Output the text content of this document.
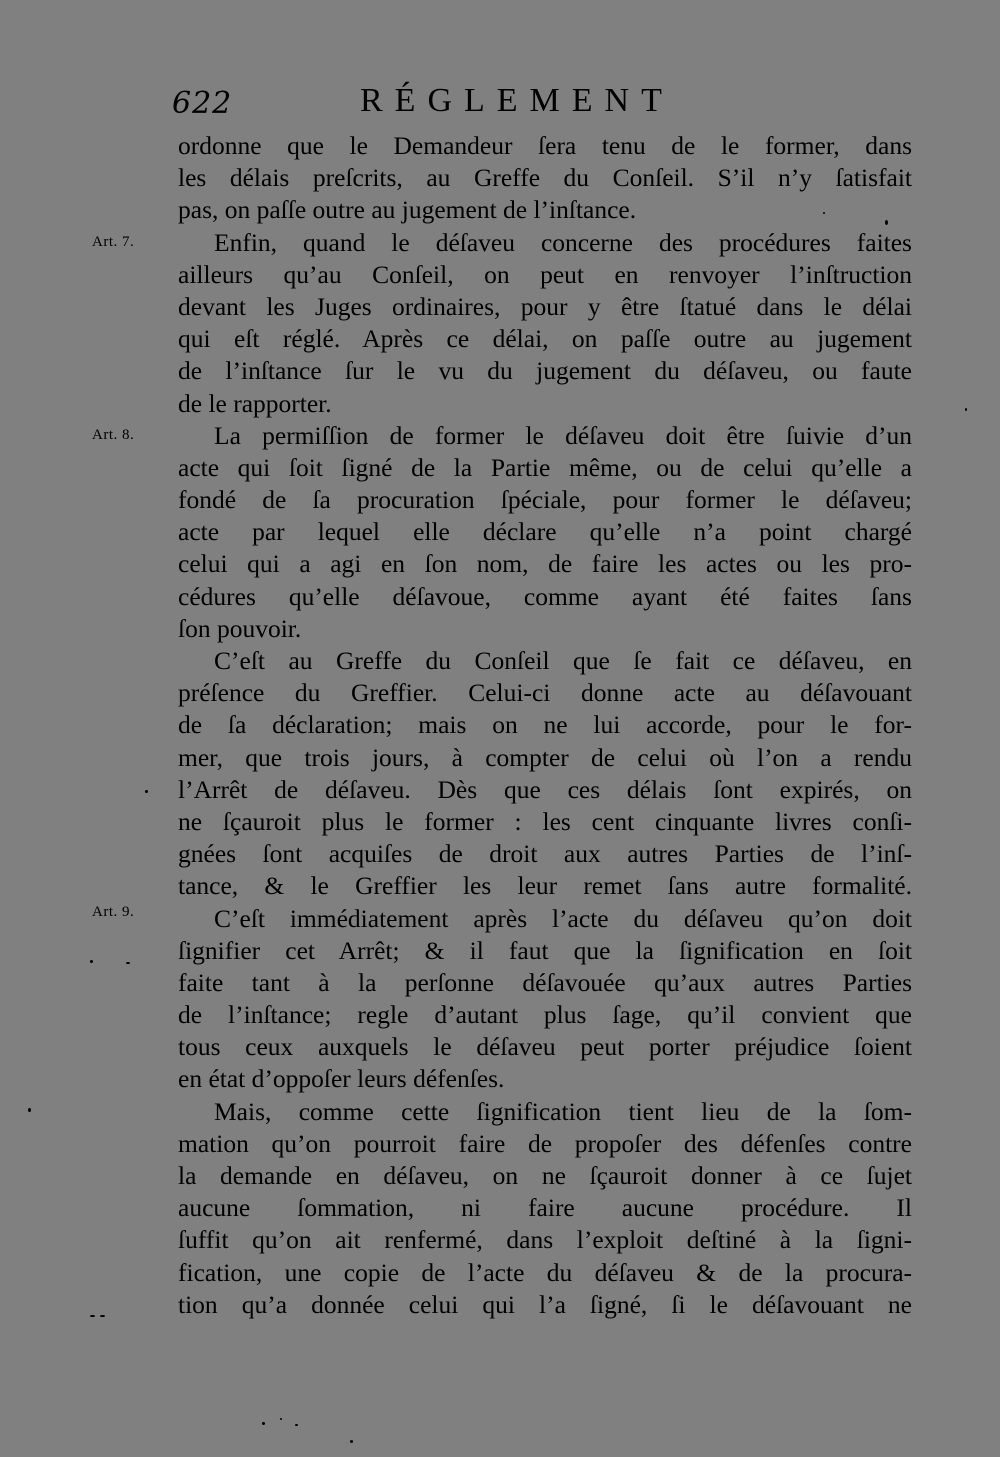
622	RÉGLEMENT
Art. 7.
Art. 8.
Art. 9.
ordonne que le Demandeur ſera tenu de le former, dans
les délais preſcrits, au Greffe du Conſeil. S’il n’y ſatisfait
pas, on paſſe outre au jugement de l’inſtance.
Enfin, quand le déſaveu concerne des procédures faites
ailleurs qu’au Conſeil, on peut en renvoyer l’inſtruction
devant les Juges ordinaires, pour y être ſtatué dans le délai
qui eſt réglé. Après ce délai, on paſſe outre au jugement
de l’inſtance ſur le vu du jugement du déſaveu, ou faute
de le rapporter.
La permiſſion de former le déſaveu doit être ſuivie d’un
acte qui ſoit ſigné de la Partie même, ou de celui qu’elle a
fondé de ſa procuration ſpéciale, pour former le déſaveu;
acte par lequel elle déclare qu’elle n’a point chargé
celui qui a agi en ſon nom, de faire les actes ou les pro-
cédures qu’elle déſavoue, comme ayant été faites ſans
ſon pouvoir.
C’eſt au Greffe du Conſeil que ſe fait ce déſaveu, en
préſence du Greffier. Celui-ci donne acte au déſavouant
de ſa déclaration; mais on ne lui accorde, pour le for-
mer, que trois jours, à compter de celui où l’on a rendu
l’Arrêt de déſaveu. Dès que ces délais ſont expirés, on
ne ſçauroit plus le former : les cent cinquante livres conſi-
gnées ſont acquiſes de droit aux autres Parties de l’inſ-
tance, & le Greffier les leur remet ſans autre formalité.
C’eſt immédiatement après l’acte du déſaveu qu’on doit
ſignifier cet Arrêt; & il faut que la ſignification en ſoit
faite tant à la perſonne déſavouée qu’aux autres Parties
de l’inſtance; regle d’autant plus ſage, qu’il convient que
tous ceux auxquels le déſaveu peut porter préjudice ſoient
en état d’oppoſer leurs défenſes.
Mais, comme cette ſignification tient lieu de la ſom-
mation qu’on pourroit faire de propoſer des défenſes contre
la demande en déſaveu, on ne ſçauroit donner à ce ſujet
aucune ſommation, ni faire aucune procédure. Il
ſuffit qu’on ait renfermé, dans l’exploit deſtiné à la ſigni-
fication, une copie de l’acte du déſaveu & de la procura-
tion qu’a donnée celui qui l’a ſigné, ſi le déſavouant ne
